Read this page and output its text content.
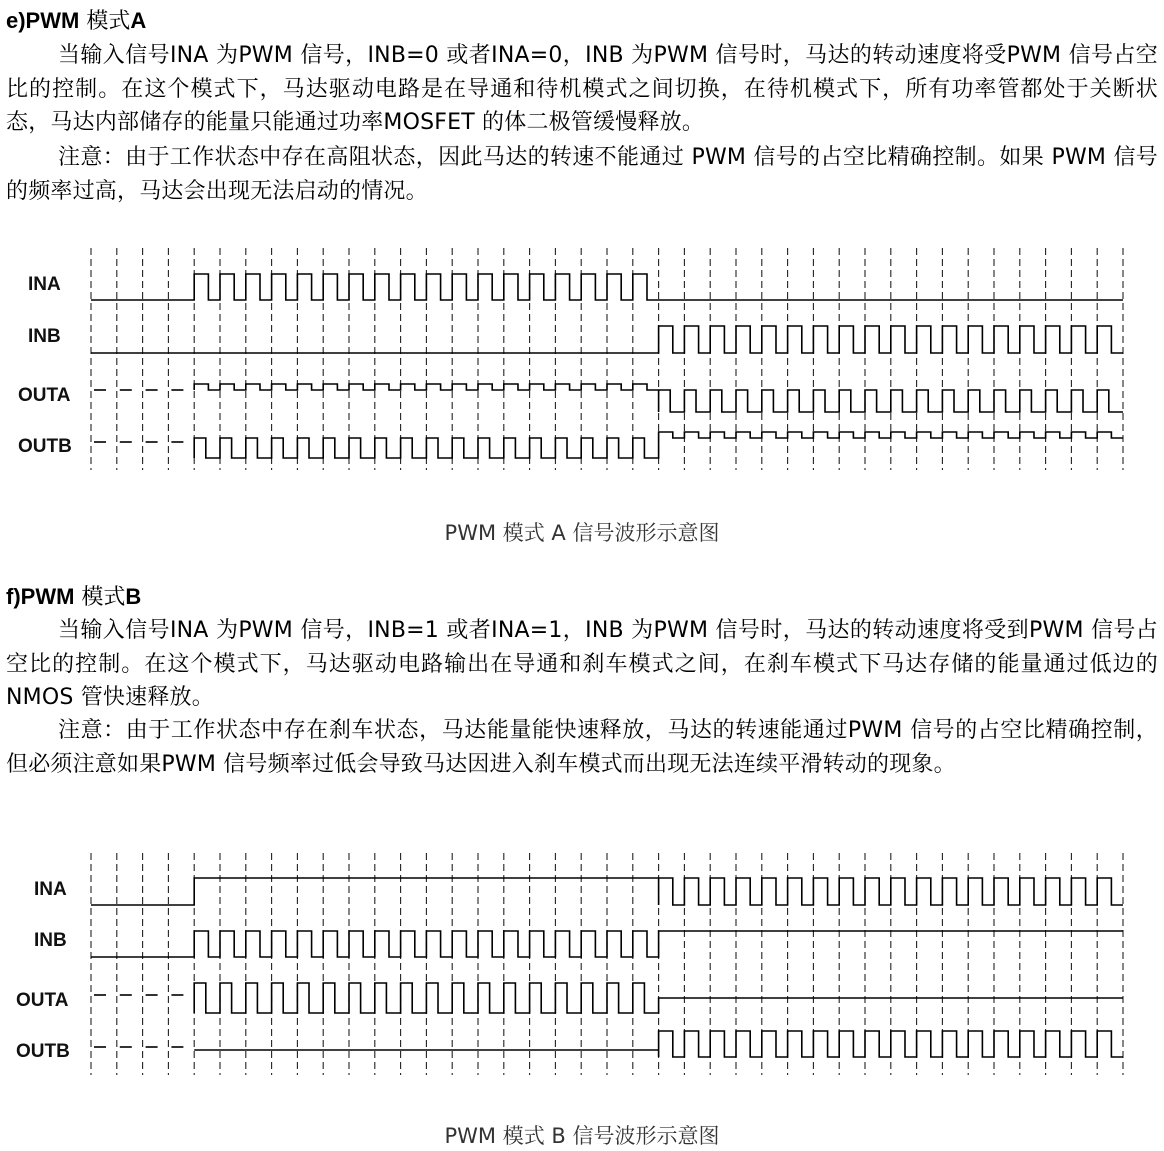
e)PWM 模式A

当输入信号INA 为PWM 信号，INB=0 或者INA=0，INB 为PWM 信号时，马达的转动速度将受PWM 信号占空比的控制。在这个模式下，马达驱动电路是在导通和待机模式之间切换，在待机模式下，所有功率管都处于关断状态，马达内部储存的能量只能通过功率MOSFET 的体二极管缓慢释放。

注意：由于工作状态中存在高阻状态，因此马达的转速不能通过 PWM 信号的占空比精确控制。如果 PWM 信号的频率过高，马达会出现无法启动的情况。

INA
INB
OUTA
OUTB
PWM 模式 A 信号波形示意图
f)PWM 模式B

当输入信号INA 为PWM 信号，INB=1 或者INA=1，INB 为PWM 信号时，马达的转动速度将受到PWM 信号占空比的控制。在这个模式下，马达驱动电路输出在导通和刹车模式之间，在刹车模式下马达存储的能量通过低边的NMOS 管快速释放。

注意：由于工作状态中存在刹车状态，马达能量能快速释放，马达的转速能通过PWM 信号的占空比精确控制，但必须注意如果PWM 信号频率过低会导致马达因进入刹车模式而出现无法连续平滑转动的现象。

INA
INB
OUTA
OUTB
PWM 模式 B 信号波形示意图
